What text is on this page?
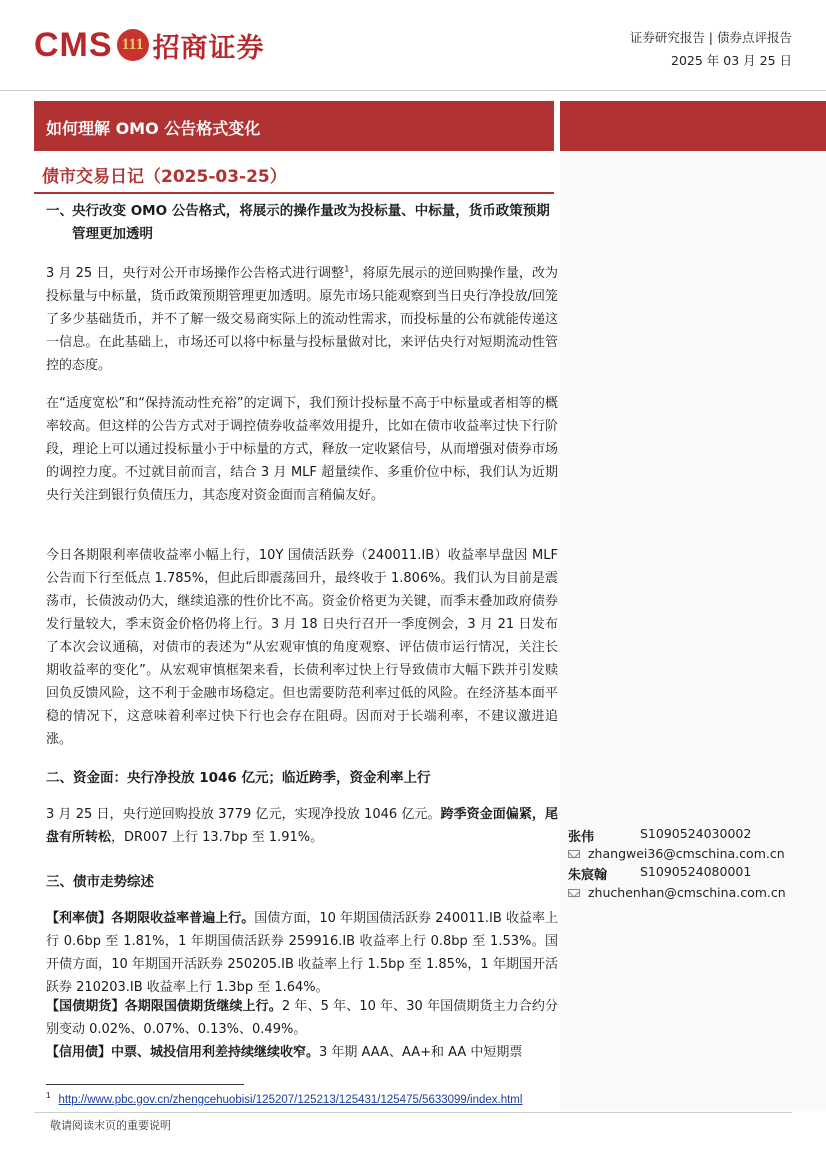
CMS 111 招商证券	证券研究报告 | 债券点评报告
2025 年 03 月 25 日
如何理解 OMO 公告格式变化
债市交易日记（2025-03-25）
一、 央行改变 OMO 公告格式，将展示的操作量改为投标量、中标量，货币政策预期管理更加透明
3 月 25 日，央行对公开市场操作公告格式进行调整$^1$，将原先展示的逆回购操作量，改为投标量与中标量，货币政策预期管理更加透明。原先市场只能观察到当日央行净投放/回笼了多少基础货币，并不了解一级交易商实际上的流动性需求，而投标量的公布就能传递这一信息。在此基础上，市场还可以将中标量与投标量做对比，来评估央行对短期流动性管控的态度。
在“适度宽松”和“保持流动性充裕”的定调下，我们预计投标量不高于中标量或者相等的概率较高。但这样的公告方式对于调控债券收益率效用提升，比如在债市收益率过快下行阶段，理论上可以通过投标量小于中标量的方式，释放一定收紧信号，从而增强对债券市场的调控力度。不过就目前而言，结合 3 月 MLF 超量续作、多重价位中标，我们认为近期央行关注到银行负债压力，其态度对资金面而言稍偏友好。
今日各期限利率债收益率小幅上行，10Y 国债活跃券（240011.IB）收益率早盘因 MLF 公告而下行至低点 1.785%，但此后即震荡回升，最终收于 1.806%。我们认为目前是震荡市，长债波动仍大，继续追涨的性价比不高。资金价格更为关键，而季末叠加政府债券发行量较大，季末资金价格仍将上行。3 月 18 日央行召开一季度例会，3 月 21 日发布了本次会议通稿，对债市的表述为“从宏观审慎的角度观察、评估债市运行情况，关注长期收益率的变化”。从宏观审慎框架来看，长债利率过快上行导致债市大幅下跌并引发赎回负反馈风险，这不利于金融市场稳定。但也需要防范利率过低的风险。在经济基本面平稳的情况下，这意味着利率过快下行也会存在阻碍。因而对于长端利率，不建议激进追涨。
二、资金面：央行净投放 1046 亿元；临近跨季，资金利率上行
3 月 25 日，央行逆回购投放 3779 亿元，实现净投放 1046 亿元。跨季资金面偏紧，尾盘有所转松，DR007 上行 13.7bp 至 1.91%。
三、债市走势综述
【利率债】各期限收益率普遍上行。国债方面，10 年期国债活跃券 240011.IB 收益率上行 0.6bp 至 1.81%，1 年期国债活跃券 259916.IB 收益率上行 0.8bp 至 1.53%。国开债方面，10 年期国开活跃券 250205.IB 收益率上行 1.5bp 至 1.85%，1 年期国开活跃券 210203.IB 收益率上行 1.3bp 至 1.64%。
【国债期货】各期限国债期货继续上行。2 年、5 年、10 年、30 年国债期货主力合约分别变动 0.02%、0.07%、0.13%、0.49%。
【信用债】中票、城投信用利差持续继续收窄。3 年期 AAA、AA+和 AA 中短期票
张伟	S1090524030002
zhangwei36@cmschina.com.cn
朱宸翰	S1090524080001
zhuchenhan@cmschina.com.cn
$^1$ http://www.pbc.gov.cn/zhengcehuobisi/125207/125213/125431/125475/5633099/index.html
敬请阅读末页的重要说明
